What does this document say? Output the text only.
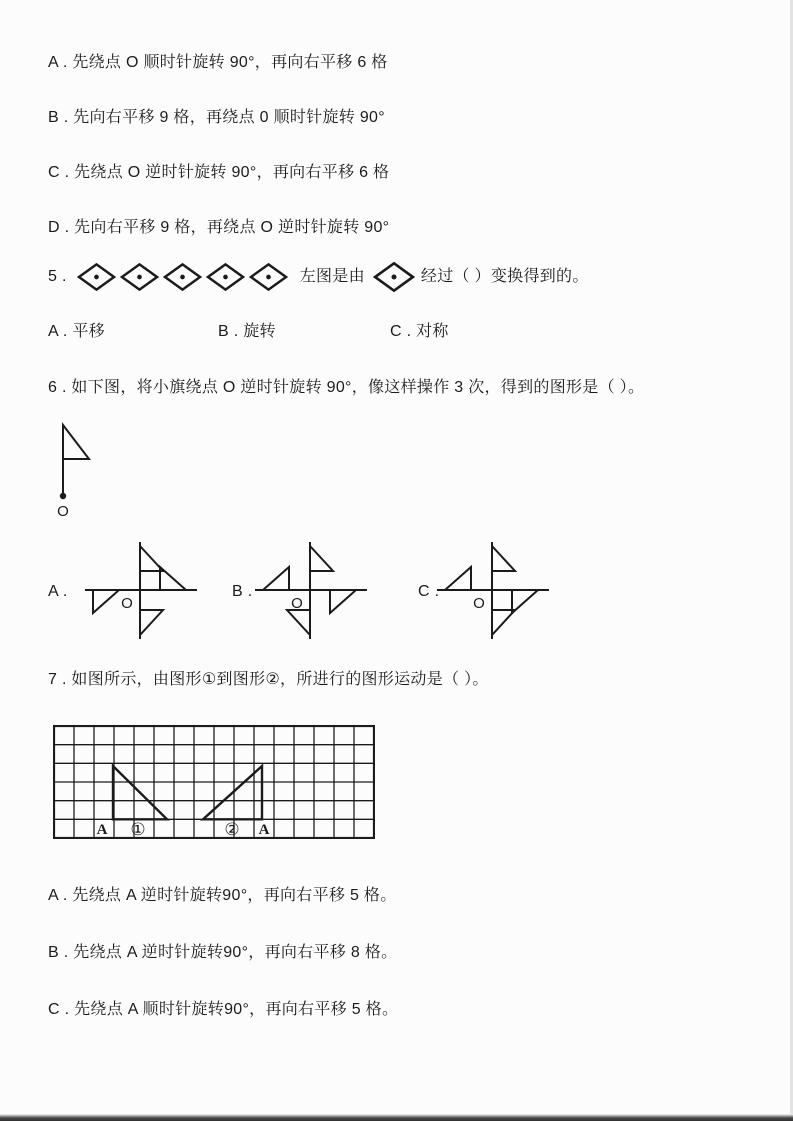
A . 先绕点 O 顺时针旋转 90°，再向右平移 6 格
B . 先向右平移 9 格，再绕点 0 顺时针旋转 90°
C . 先绕点 O 逆时针旋转 90°，再向右平移 6 格
D . 先向右平移 9 格，再绕点 O 逆时针旋转 90°
5 .	左图是由	经过（ ）变换得到的。
A . 平移	B . 旋转	C . 对称
6 . 如下图，将小旗绕点 O 逆时针旋转 90°，像这样操作 3 次，得到的图形是（ ）。
O
A .
O
B .
O
C .
O
7 . 如图所示，由图形①到图形②，所进行的图形运动是（ ）。
A ①	② A
A . 先绕点 A 逆时针旋转90°，再向右平移 5 格。
B . 先绕点 A 逆时针旋转90°，再向右平移 8 格。
C . 先绕点 A 顺时针旋转90°，再向右平移 5 格。
